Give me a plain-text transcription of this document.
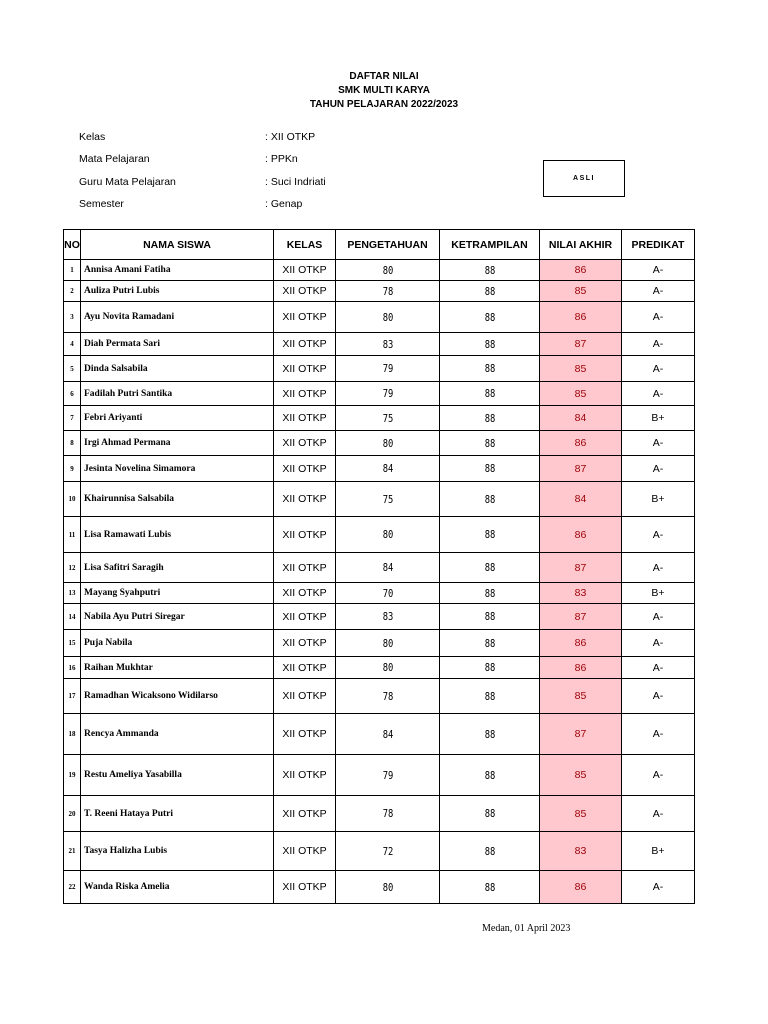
DAFTAR NILAI
SMK MULTI KARYA
TAHUN PELAJARAN 2022/2023
Kelas	: XII OTKP
Mata Pelajaran	: PPKn
Guru Mata Pelajaran	: Suci Indriati
Semester	: Genap
ASLI
NO	NAMA SISWA	KELAS	PENGETAHUAN	KETRAMPILAN	NILAI AKHIR	PREDIKAT
1	Annisa Amani Fatiha	XII OTKP	80	88	86	A-
2	Auliza Putri Lubis	XII OTKP	78	88	85	A-
3	Ayu Novita Ramadani	XII OTKP	80	88	86	A-
4	Diah Permata Sari	XII OTKP	83	88	87	A-
5	Dinda Salsabila	XII OTKP	79	88	85	A-
6	Fadilah Putri Santika	XII OTKP	79	88	85	A-
7	Febri Ariyanti	XII OTKP	75	88	84	B+
8	Irgi Ahmad Permana	XII OTKP	80	88	86	A-
9	Jesinta Novelina Simamora	XII OTKP	84	88	87	A-
10	Khairunnisa Salsabila	XII OTKP	75	88	84	B+
11	Lisa Ramawati Lubis	XII OTKP	80	88	86	A-
12	Lisa Safitri Saragih	XII OTKP	84	88	87	A-
13	Mayang Syahputri	XII OTKP	70	88	83	B+
14	Nabila Ayu Putri Siregar	XII OTKP	83	88	87	A-
15	Puja Nabila	XII OTKP	80	88	86	A-
16	Raihan Mukhtar	XII OTKP	80	88	86	A-
17	Ramadhan Wicaksono Widilarso	XII OTKP	78	88	85	A-
18	Rencya Ammanda	XII OTKP	84	88	87	A-
19	Restu Ameliya Yasabilla	XII OTKP	79	88	85	A-
20	T. Reeni Hataya Putri	XII OTKP	78	88	85	A-
21	Tasya Halizha Lubis	XII OTKP	72	88	83	B+
22	Wanda Riska Amelia	XII OTKP	80	88	86	A-
Medan, 01 April 2023
